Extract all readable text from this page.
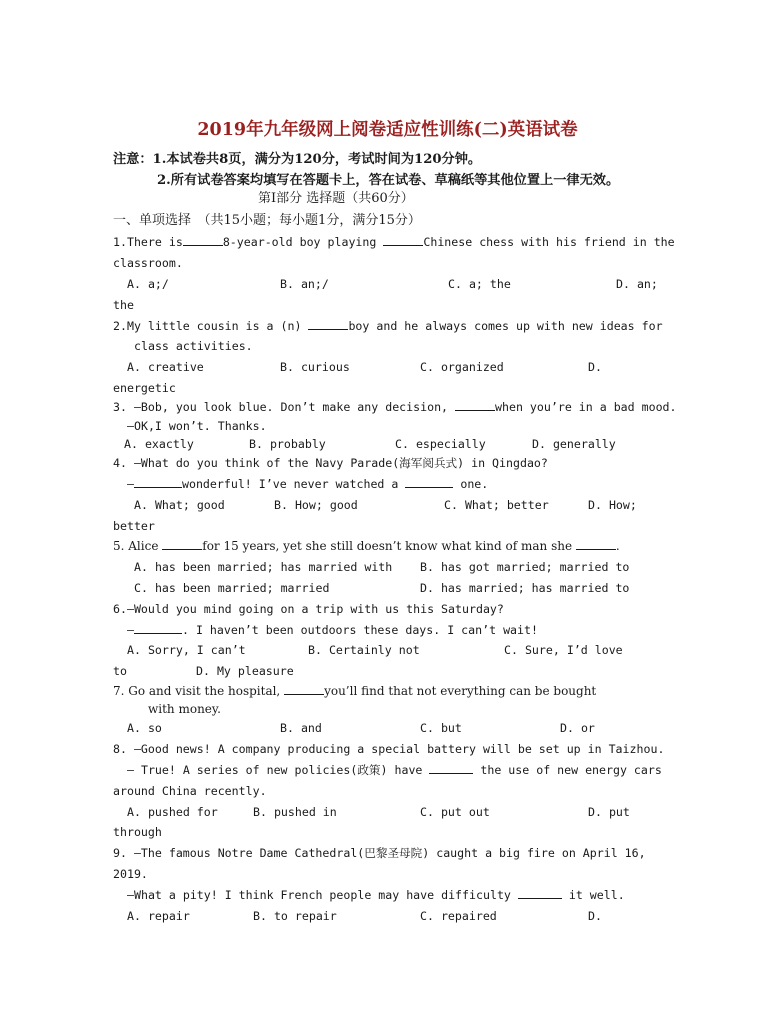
2019年九年级网上阅卷适应性训练(二)英语试卷
注意：1.本试卷共8页，满分为120分，考试时间为120分钟。
2.所有试卷答案均填写在答题卡上，答在试卷、草稿纸等其他位置上一律无效。
第Ⅰ部分 选择题（共60分）
一、单项选择　（共15小题；每小题1分，满分15分）
1.There is	8-year-old boy playing	Chinese chess with his friend in the
classroom.
A. a;/	B. an;/	C. a; the	D. an;
the
2.My little cousin is a (n)	boy and he always comes up with new ideas for
class activities.
A. creative	B. curious	C. organized	D.
energetic
3. —Bob, you look blue. Don’t make any decision,	when you’re in a bad mood.
—OK,I won’t. Thanks.
A. exactly	B. probably	C. especially	D. generally
4. —What do you think of the Navy Parade(海军阅兵式) in Qingdao?
—	wonderful! I’ve never watched a	one.
A. What; good	B. How; good	C. What; better	D. How;
better
5. Alice	for 15 years, yet she still doesn’t know what kind of man she	.
A. has been married; has married with B. has got married; married to
C. has been married; married	D. has married; has married to
6.—Would you mind going on a trip with us this Saturday?
—	. I haven’t been outdoors these days. I can’t wait!
A. Sorry, I can’t	B. Certainly not	C. Sure, I’d love
to	D. My pleasure
7. Go and visit the hospital,	you’ll find that not everything can be bought
with money.
A. so	B. and	C. but	D. or
8. —Good news! A company producing a special battery will be set up in Taizhou.
— True! A series of new policies(政策) have	the use of new energy cars
around China recently.
A. pushed for	B. pushed in	C. put out	D. put
through
9. —The famous Notre Dame Cathedral(巴黎圣母院) caught a big fire on April 16,
2019.
—What a pity! I think French people may have difficulty	it well.
A. repair	B. to repair	C. repaired	D.
